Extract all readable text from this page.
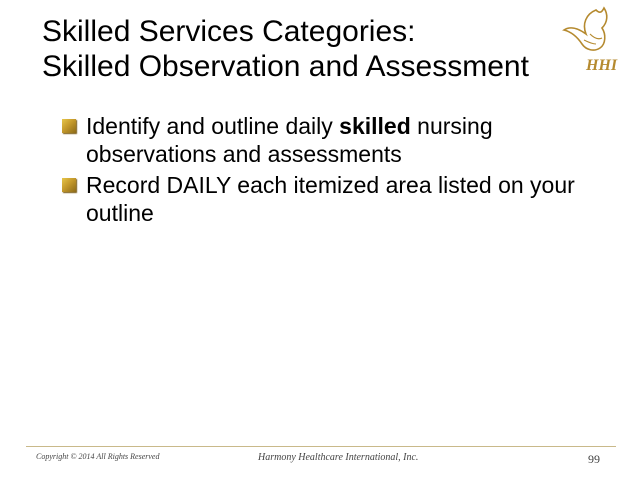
Skilled Services Categories:
Skilled Observation and Assessment	HHI
Identify and outline daily skilled nursing observations and assessments
Record DAILY each itemized area listed on your outline
Copyright © 2014 All Rights Reserved	Harmony Healthcare International, Inc.	99
